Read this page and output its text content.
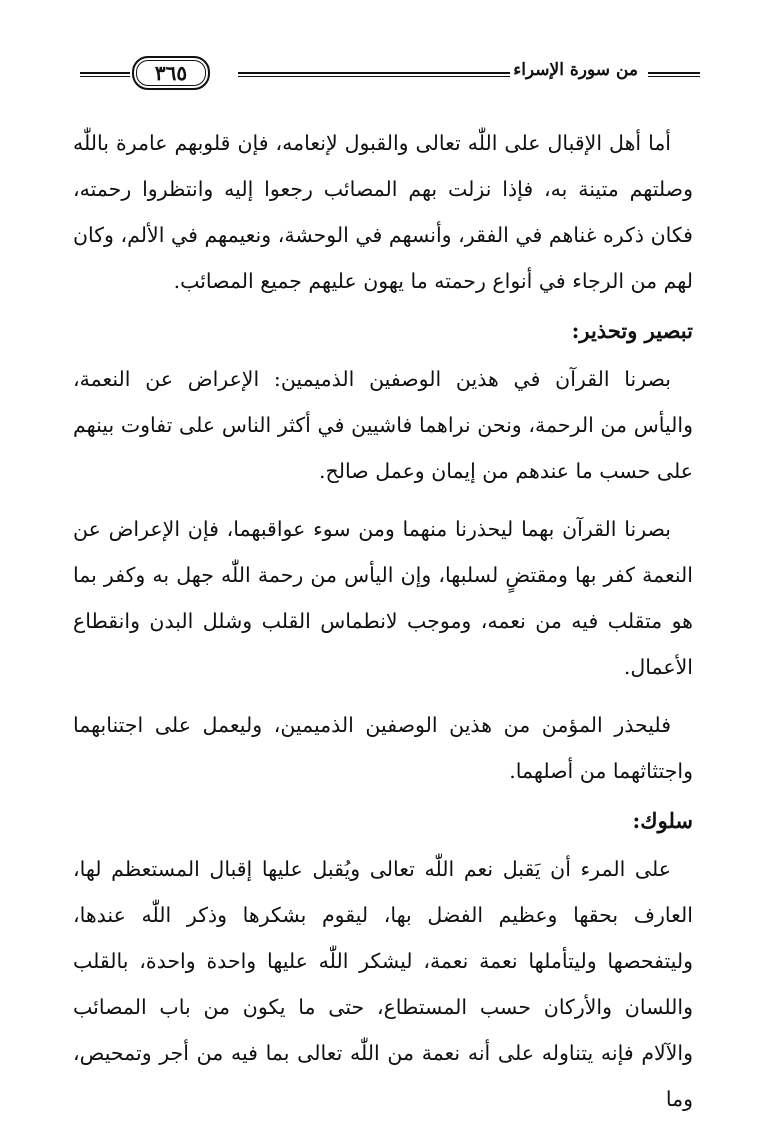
من سورة الإسراء
٣٦٥

أما أهل الإقبال على اللّٰه تعالى والقبول لإنعامه، فإن قلوبهم عامرة باللّٰه وصلتهم متينة به، فإذا نزلت بهم المصائب رجعوا إليه وانتظروا رحمته، فكان ذكره غناهم في الفقر، وأنسهم في الوحشة، ونعيمهم في الألم، وكان لهم من الرجاء في أنواع رحمته ما يهون عليهم جميع المصائب.

تبصير وتحذير:

بصرنا القرآن في هذين الوصفين الذميمين: الإعراض عن النعمة، واليأس من الرحمة، ونحن نراهما فاشيين في أكثر الناس على تفاوت بينهم على حسب ما عندهم من إيمان وعمل صالح.

بصرنا القرآن بهما ليحذرنا منهما ومن سوء عواقبهما، فإن الإعراض عن النعمة كفر بها ومقتضٍ لسلبها، وإن اليأس من رحمة اللّٰه جهل به وكفر بما هو متقلب فيه من نعمه، وموجب لانطماس القلب وشلل البدن وانقطاع الأعمال.

فليحذر المؤمن من هذين الوصفين الذميمين، وليعمل على اجتنابهما واجتثاثهما من أصلهما.

سلوك:

على المرء أن يَقبل نعم اللّٰه تعالى ويُقبل عليها إقبال المستعظم لها، العارف بحقها وعظيم الفضل بها، ليقوم بشكرها وذكر اللّٰه عندها، وليتفحصها وليتأملها نعمة نعمة، ليشكر اللّٰه عليها واحدة واحدة، بالقلب واللسان والأركان حسب المستطاع، حتى ما يكون من باب المصائب والآلام فإنه يتناوله على أنه نعمة من اللّٰه تعالى بما فيه من أجر وتمحيص، وما
